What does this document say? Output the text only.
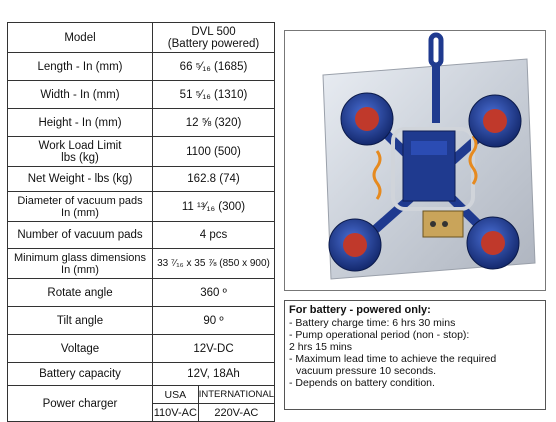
Model	DVL 500
(Battery powered)

Length - In (mm)	66 ⁵⁄₁₆ (1685)
Width - In (mm)	51 ⁵⁄₁₆ (1310)
Height - In (mm)	12 ⅝ (320)

Work Load Limit
lbs (kg)	1100 (500)
Net Weight - lbs (kg)	162.8 (74)

Diameter of vacuum pads
In (mm)	11 ¹³⁄₁₆ (300)
Number of vacuum pads	4 pcs

Minimum glass dimensions
In (mm)
	33 ⁷⁄₁₆ x 35 ⅞ (850 x 900)
Rotate angle	360 º
Tilt angle	90 º
Voltage	12V-DC
Battery capacity	12V, 18Ah
Power charger	
USA	INTERNATIONAL
110V-AC	220V-AC
For battery - powered only:
- Battery charge time: 6 hrs 30 mins
- Pump operational period (non - stop):
2 hrs 15 mins
- Maximum lead time to achieve the required
vacuum pressure 10 seconds.
- Depends on battery condition.
